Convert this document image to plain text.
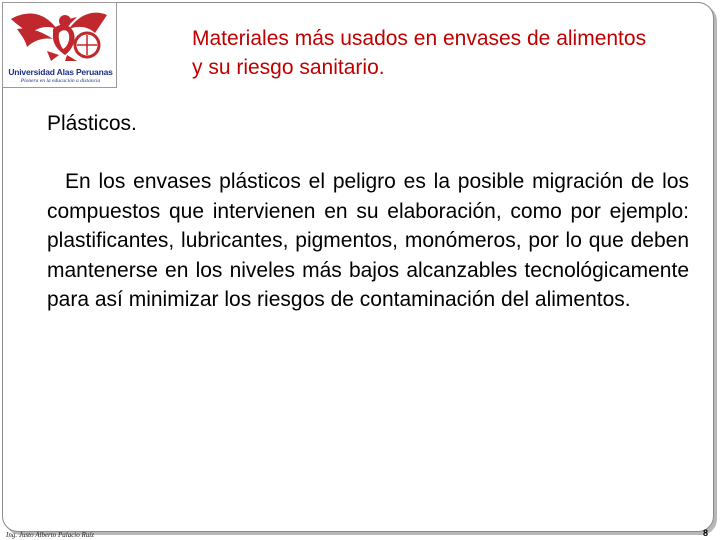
Universidad Alas Peruanas
Pionera en la educación a distancia
Materiales más usados en envases de alimentos y su riesgo sanitario.
Plásticos.

En los envases plásticos el peligro es la posible migración de los compuestos que intervienen en su elaboración, como por ejemplo: plastificantes, lubricantes, pigmentos, monómeros, por lo que deben mantenerse en los niveles más bajos alcanzables tecnológicamente para así minimizar los riesgos de contaminación del alimentos.

Ing. Justo Alberto Palacio Ruíz	8
